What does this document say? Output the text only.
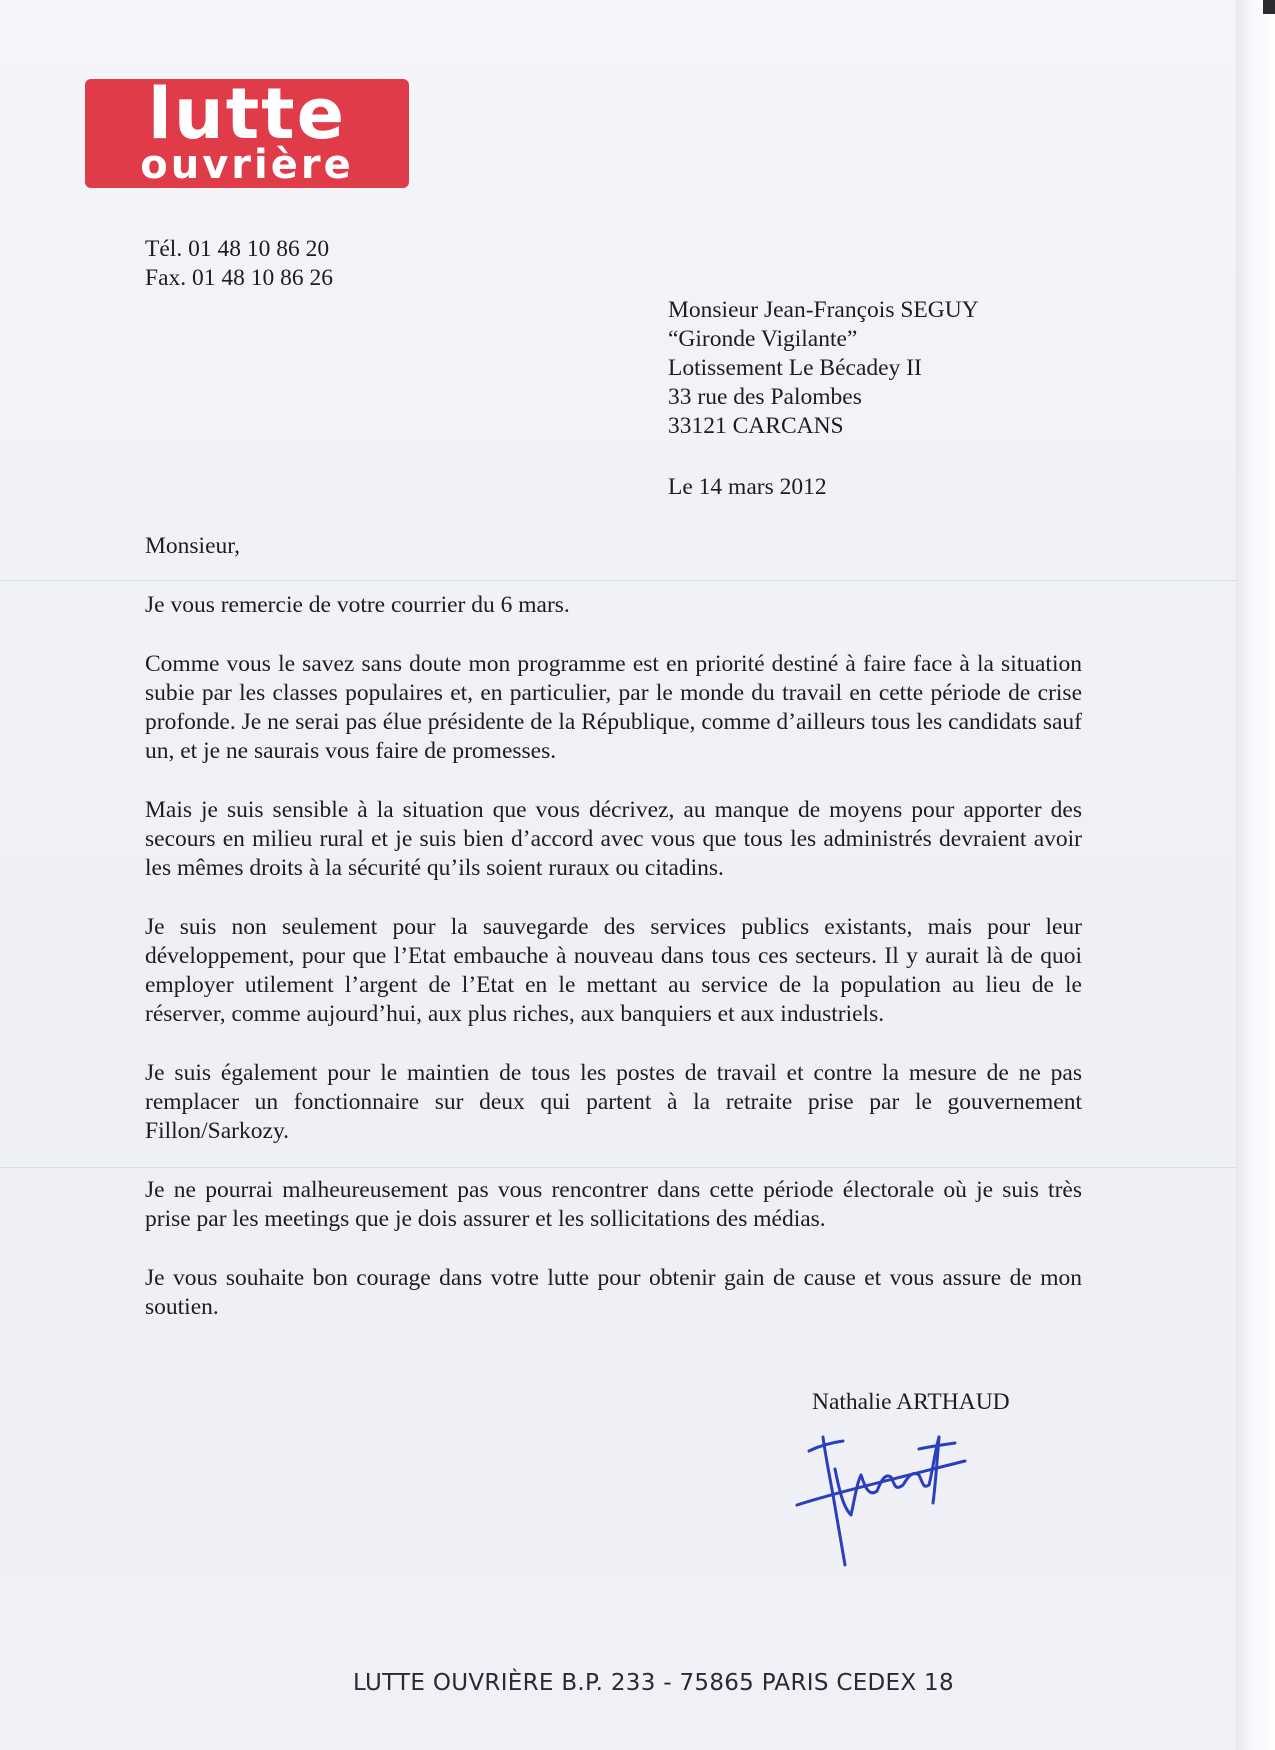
lutte
ouvrière
Tél. 01 48 10 86 20
Fax. 01 48 10 86 26
Monsieur Jean-François SEGUY
“Gironde Vigilante”
Lotissement Le Bécadey II
33 rue des Palombes
33121 CARCANS
Le 14 mars 2012
Monsieur,

Je vous remercie de votre courrier du 6 mars.

Comme vous le savez sans doute mon programme est en priorité destiné à faire face à la situation subie par les classes populaires et, en particulier, par le monde du travail en cette période de crise profonde. Je ne serai pas élue présidente de la République, comme d’ailleurs tous les candidats sauf un, et je ne saurais vous faire de promesses.

Mais je suis sensible à la situation que vous décrivez, au manque de moyens pour apporter des secours en milieu rural et je suis bien d’accord avec vous que tous les administrés devraient avoir les mêmes droits à la sécurité qu’ils soient ruraux ou citadins.

Je suis non seulement pour la sauvegarde des services publics existants, mais pour leur développement, pour que l’Etat embauche à nouveau dans tous ces secteurs. Il y aurait là de quoi employer utilement l’argent de l’Etat en le mettant au service de la population au lieu de le réserver, comme aujourd’hui, aux plus riches, aux banquiers et aux industriels.

Je suis également pour le maintien de tous les postes de travail et contre la mesure de ne pas remplacer un fonctionnaire sur deux qui partent à la retraite prise par le gouvernement Fillon/Sarkozy.

Je ne pourrai malheureusement pas vous rencontrer dans cette période électorale où je suis très prise par les meetings que je dois assurer et les sollicitations des médias.

Je vous souhaite bon courage dans votre lutte pour obtenir gain de cause et vous assure de mon soutien.

Nathalie ARTHAUD
LUTTE OUVRIÈRE B.P. 233 - 75865 PARIS CEDEX 18
